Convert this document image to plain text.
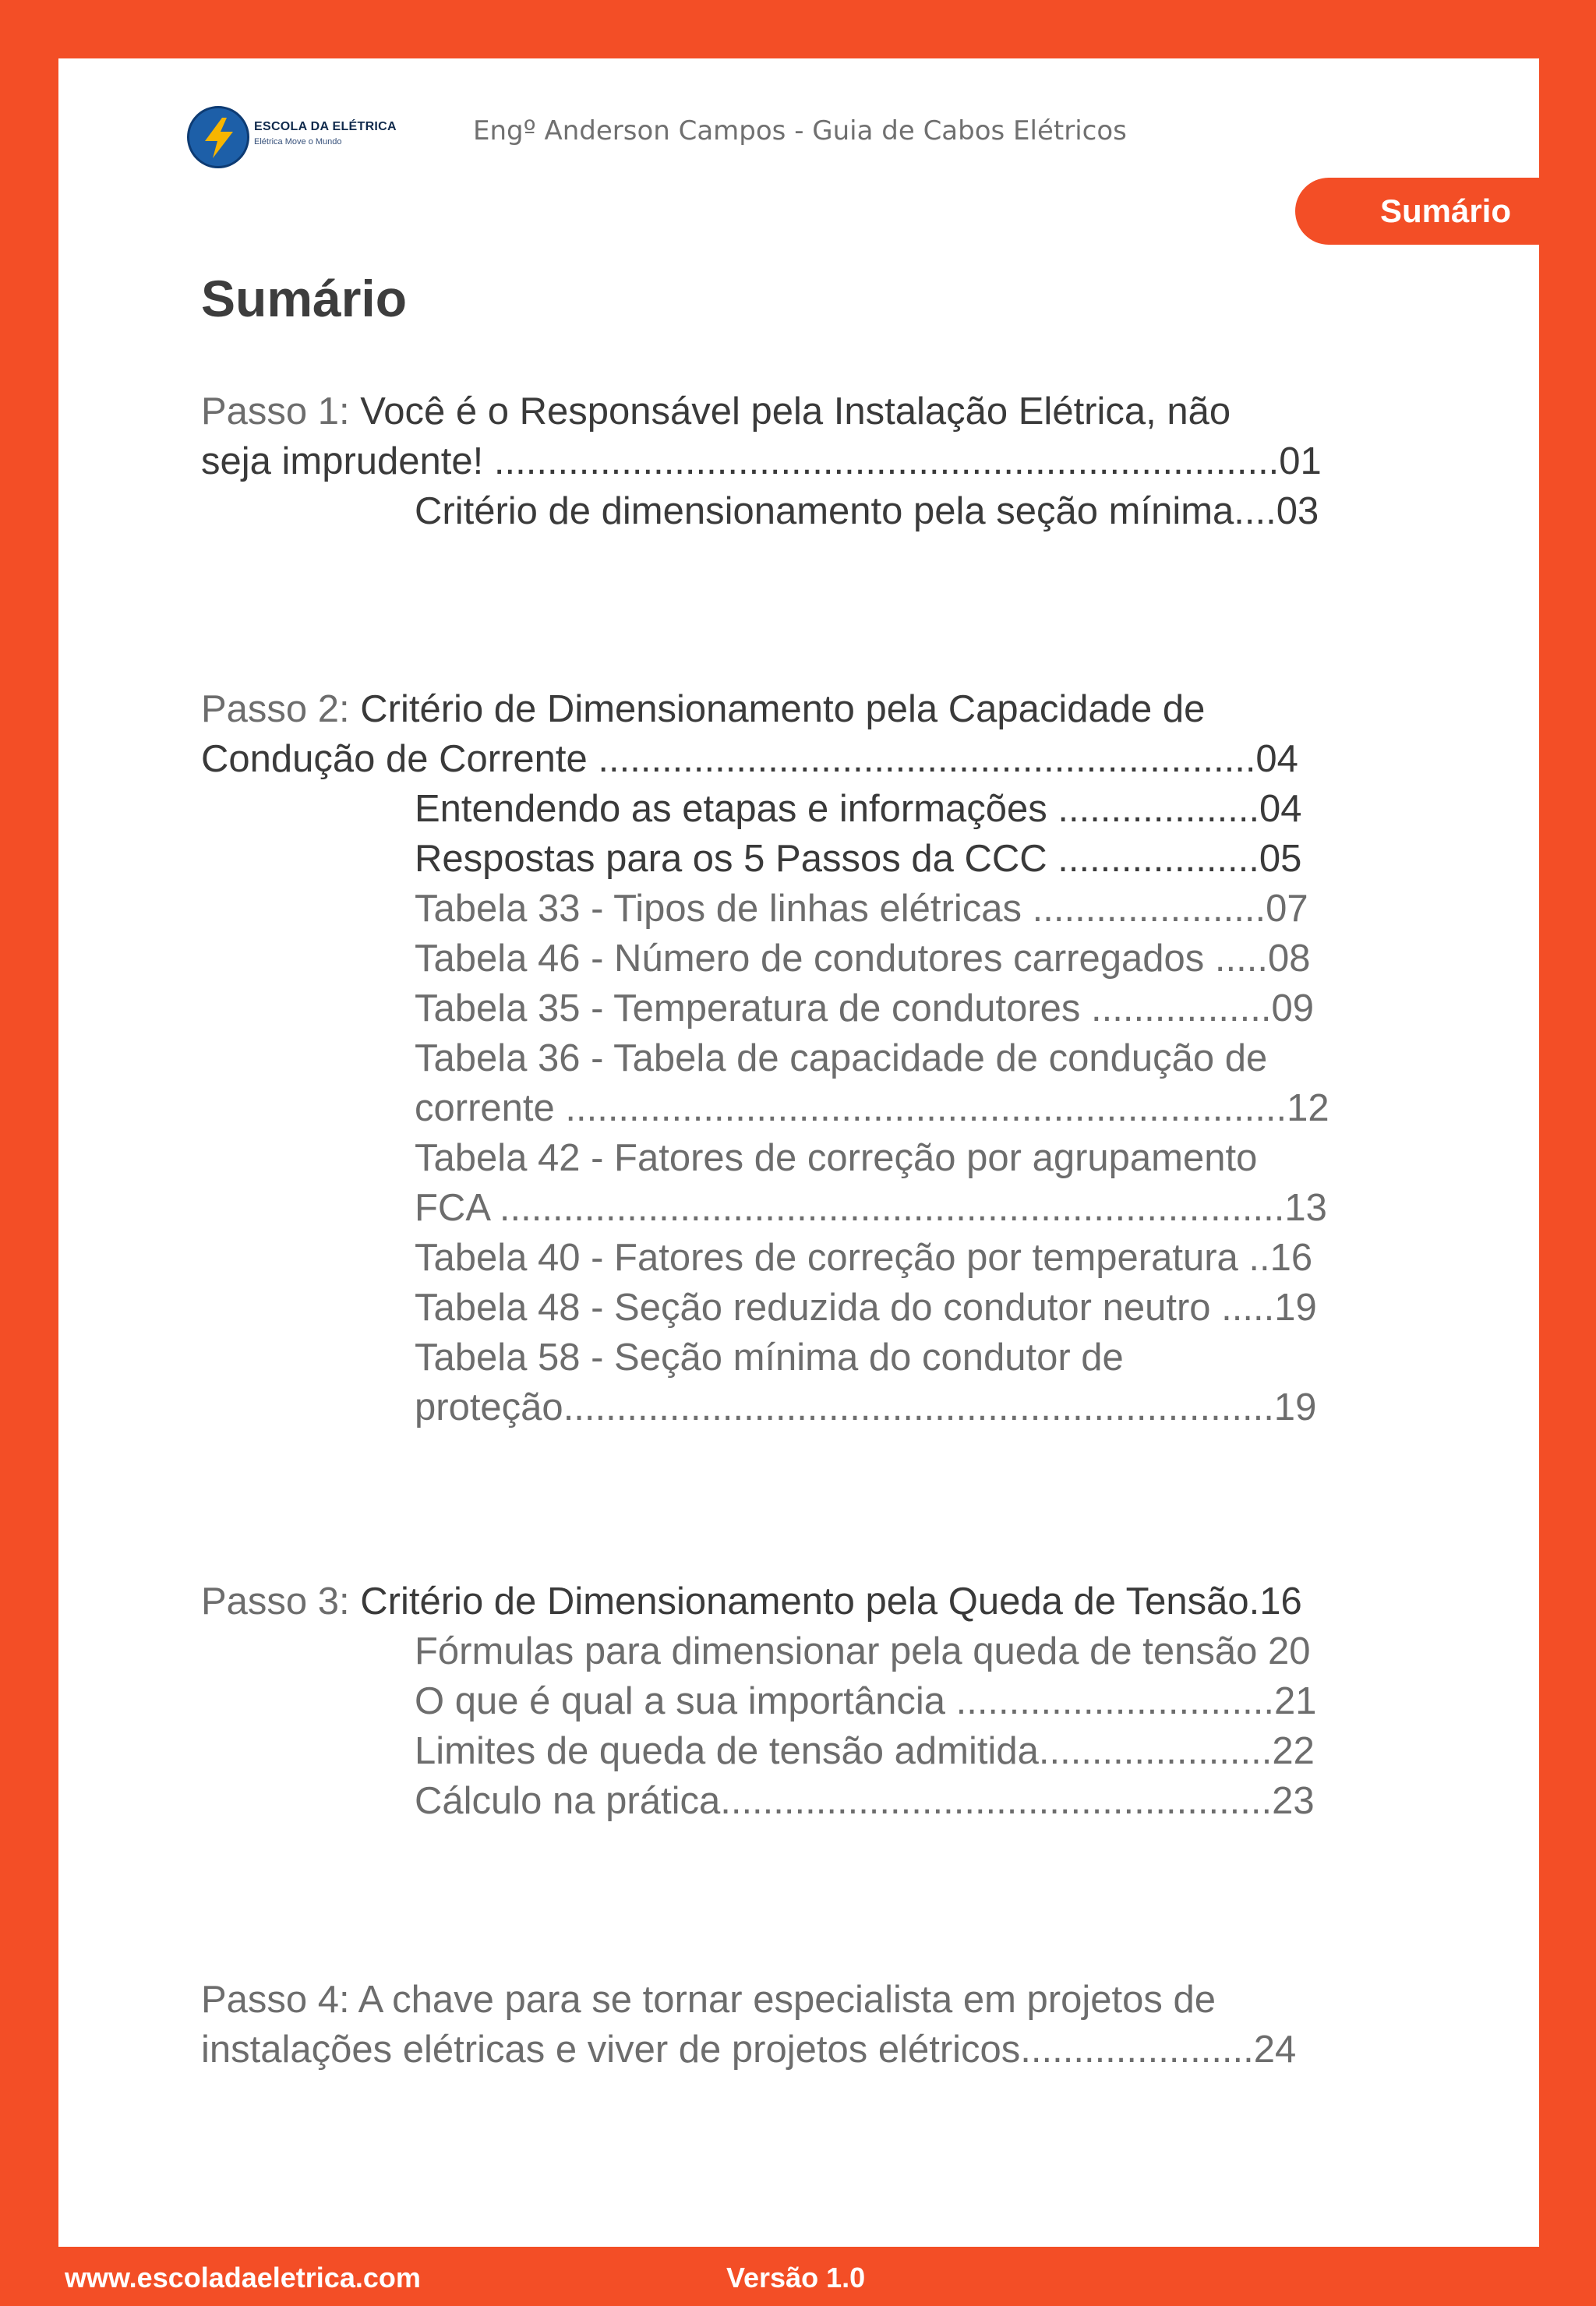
ESCOLA DA ELÉTRICA
Elétrica Move o Mundo	Engº Anderson Campos - Guia de Cabos Elétricos
Sumário
Sumário
Passo 1: Você é o Responsável pela Instalação Elétrica, não
seja imprudente! ..........................................................................01
Critério de dimensionamento pela seção mínima....03
Passo 2: Critério de Dimensionamento pela Capacidade de
Condução de Corrente ..............................................................04
Entendendo as etapas e informações ...................04
Respostas para os 5 Passos da CCC ...................05
Tabela 33 - Tipos de linhas elétricas ......................07
Tabela 46 - Número de condutores carregados .....08
Tabela 35 - Temperatura de condutores .................09
Tabela 36 - Tabela de capacidade de condução de
corrente ....................................................................12
Tabela 42 - Fatores de correção por agrupamento
FCA ..........................................................................13
Tabela 40 - Fatores de correção por temperatura ..16
Tabela 48 - Seção reduzida do condutor neutro .....19
Tabela 58 - Seção mínima do condutor de
proteção...................................................................19
Passo 3: Critério de Dimensionamento pela Queda de Tensão.16
Fórmulas para dimensionar pela queda de tensão 20
O que é qual a sua importância ..............................21
Limites de queda de tensão admitida......................22
Cálculo na prática....................................................23
Passo 4: A chave para se tornar especialista em projetos de
instalações elétricas e viver de projetos elétricos......................24
www.escoladaeletrica.com	Versão 1.0
